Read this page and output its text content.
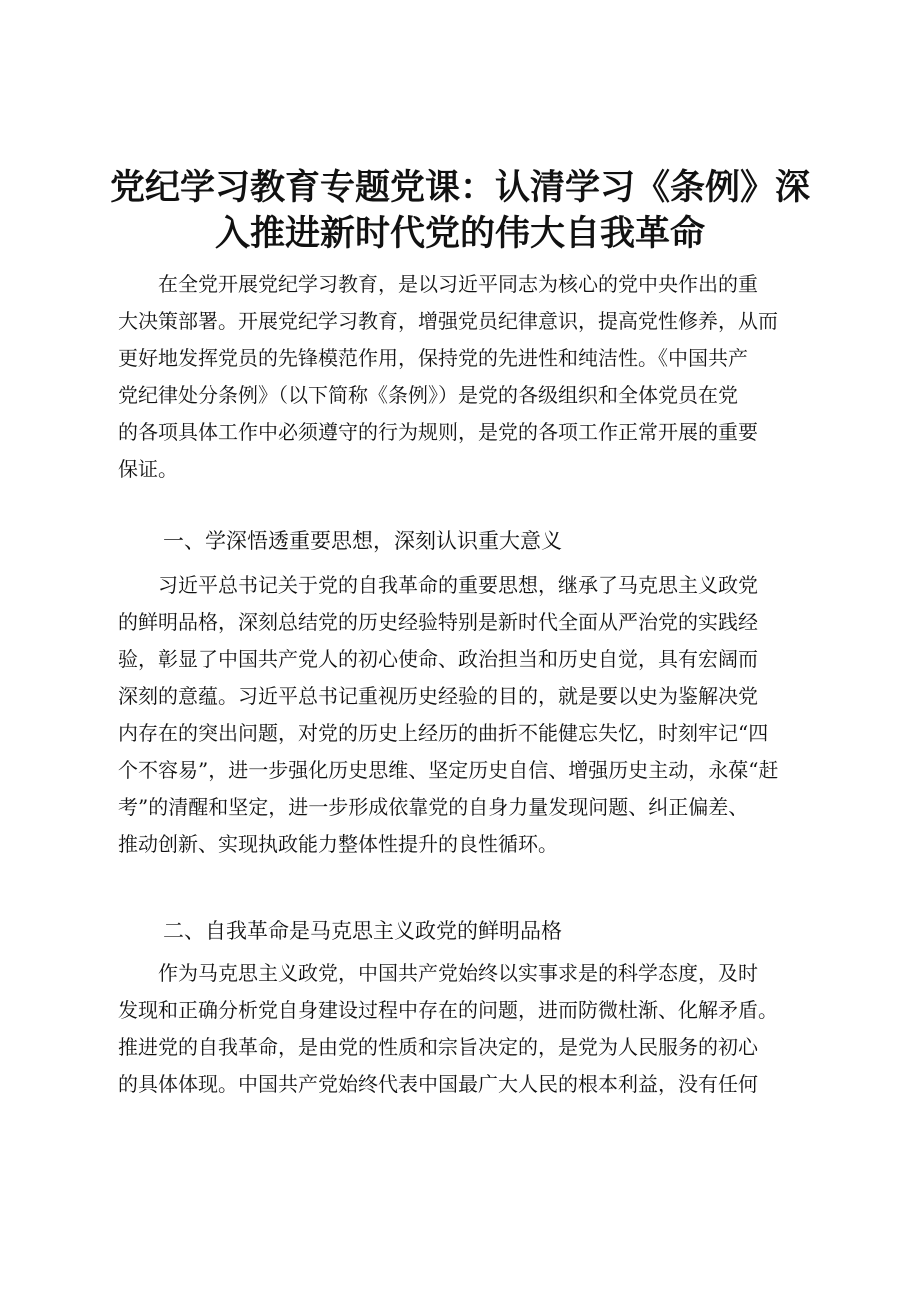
党纪学习教育专题党课：认清学习《条例》深
入推进新时代党的伟大自我革命
　　在全党开展党纪学习教育，是以习近平同志为核心的党中央作出的重
大决策部署。开展党纪学习教育，增强党员纪律意识，提高党性修养，从而
更好地发挥党员的先锋模范作用，保持党的先进性和纯洁性。《中国共产
党纪律处分条例》（以下简称《条例》）是党的各级组织和全体党员在党
的各项具体工作中必须遵守的行为规则，是党的各项工作正常开展的重要
保证。
一、学深悟透重要思想，深刻认识重大意义
　　习近平总书记关于党的自我革命的重要思想，继承了马克思主义政党
的鲜明品格，深刻总结党的历史经验特别是新时代全面从严治党的实践经
验，彰显了中国共产党人的初心使命、政治担当和历史自觉，具有宏阔而
深刻的意蕴。习近平总书记重视历史经验的目的，就是要以史为鉴解决党
内存在的突出问题，对党的历史上经历的曲折不能健忘失忆，时刻牢记“四
个不容易”，进一步强化历史思维、坚定历史自信、增强历史主动，永葆“赶
考”的清醒和坚定，进一步形成依靠党的自身力量发现问题、纠正偏差、
推动创新、实现执政能力整体性提升的良性循环。
二、自我革命是马克思主义政党的鲜明品格
　　作为马克思主义政党，中国共产党始终以实事求是的科学态度，及时
发现和正确分析党自身建设过程中存在的问题，进而防微杜渐、化解矛盾。
推进党的自我革命，是由党的性质和宗旨决定的，是党为人民服务的初心
的具体体现。中国共产党始终代表中国最广大人民的根本利益，没有任何
